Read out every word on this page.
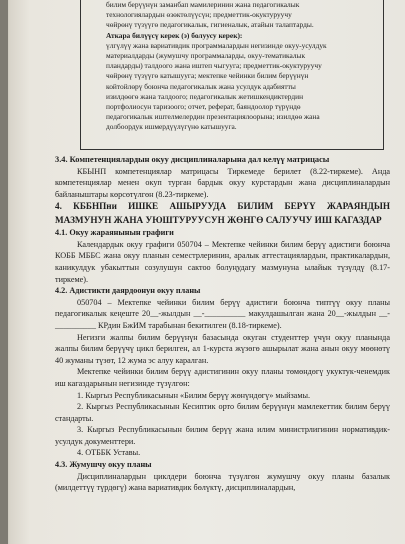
билим берүүнүн заманбап мамилеринин жана педагогикалык

технологиялардын өзөктөлүүсүн; предметтик-окуктуруучу

чөйрөнү түзүүгө педагогикалык, гигиеналык, атайын талаптарды.

Аткара билүүсү керек (э) болуусу керек):

үлгүлүү жана вариативдик программалардын негизинде окуу-усулдук

материалдарды (жумушчу программаларды, окуу-тематикалык

пландарды) талдоого жана иштеп чыгууга; предметтик-окуктуруучу

чөйрөнү түзүүгө катышууга; мектепке чейинки билим берүүнүн

койтойлөрү боюнча педагогикалык жана усулдук адабиятты

изилдөөгө жана талдоого; педагогикалык жетишкендиктердин

портфолиосун таризоого; отчет, реферат, баяндоолор түрүндө

педагогикалык иштелмелердин презентациялоорына; изилдөө жана

долбоордук ишмердүүлүгүнө катышууга.

3.4. Компетенциялардын окуу дисциплиналарына дал келүү матрицасы

КБЫНП компетенциялар матрицасы Тиркемеде берилет (8.22-тиркеме). Анда компетенциялар менен окуп турган бардык окуу курстардын жана дисциплиналардын байланыштары көрсөтүлгөн (8.23-тиркеме).

4. КББНПни ИШКЕ АШЫРУУДА БИЛИМ БЕРҮҮ ЖАРАЯНДЫН МАЗМУНУН ЖАНА УЮШТУРУУСУН ЖӨНГӨ САЛУУЧУ ИШ КАГАЗДАР

4.1. Окуу жараянынын графиги

Календардык окуу графиги 050704 – Мектепке чейинки билим берүү адистиги боюнча КОББ МББС жана окуу планын семестрлеринин, аралык аттестациялардын, практикалардын, каникулдук убакыттын созулушун сактоо болуңудагу мазмунуна ылайык түзүлдү (8.17-тиркеме).

4.2. Адистикти даярдоонун окуу планы

050704 – Мектепке чейинки билим берүү адистиги боюнча типтүү окуу планы педагогикалык кеңеште 20__-жылдын __-__________ макулдашылган жана 20__-жылдын __-__________ КРдин БжИМ тарабынан бекитилген (8.18-тиркеме).

Негизги жалпы билим берүүнүн базасында окуган студенттер үчүн окуу планында жалпы билим берүүчү цикл берилген, ал 1-курста жүзөгө ашырылат жана анын окуу мөөнөтү 40 жуманы түзөт, 12 жума эс алуу каралган.

Мектепке чейинки билим берүү адистигинин окуу планы төмөндөгү укуктук-ченемдик иш кагаздарынын негизинде түзүлгөн:

1. Кыргыз Республикасынын «Билим берүү жөнүндөгү» мыйзамы.

2. Кыргыз Республикасынын Кесиптик орто билим берүүнүн мамлекеттик билим берүү стандарты.

3. Кыргыз Республикасынын билим берүү жана илим министрлигинин нормативдик-усулдук документтери.

4. ОТББК Уставы.

4.3. Жумушчу окуу планы

Дисциплиналардын циклдери боюнча түзүлгөн жумушчу окуу планы базалык (милдеттүү түрдөгү) жана вариативдик бөлүктү, дисциплиналардын,
